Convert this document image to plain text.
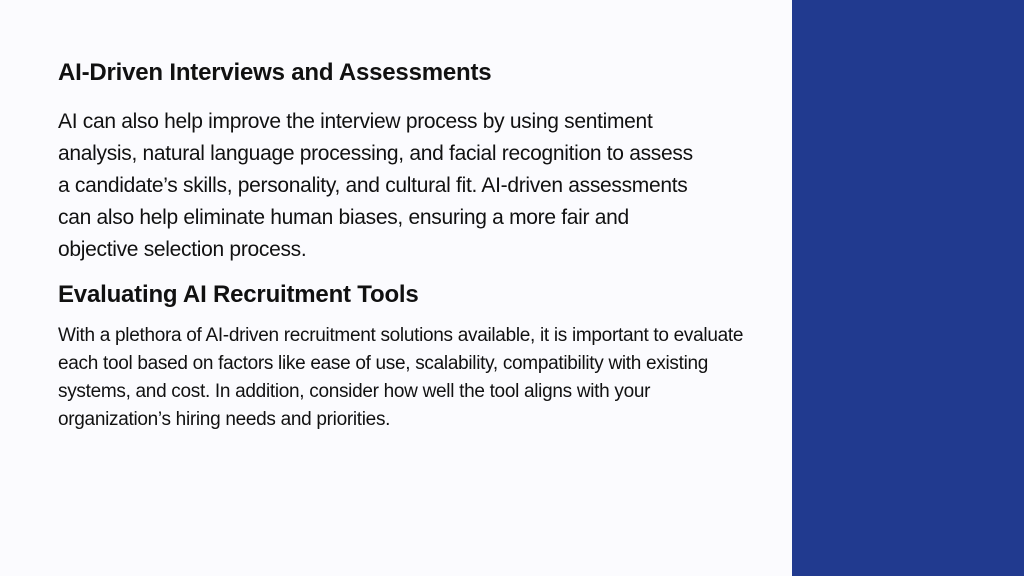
AI-Driven Interviews and Assessments

AI can also help improve the interview process by using sentiment analysis, natural language processing, and facial recognition to assess a candidate’s skills, personality, and cultural fit. AI-driven assessments can also help eliminate human biases, ensuring a more fair and objective selection process.

Evaluating AI Recruitment Tools

With a plethora of AI-driven recruitment solutions available, it is important to evaluate each tool based on factors like ease of use, scalability, compatibility with existing systems, and cost. In addition, consider how well the tool aligns with your organization’s hiring needs and priorities.
